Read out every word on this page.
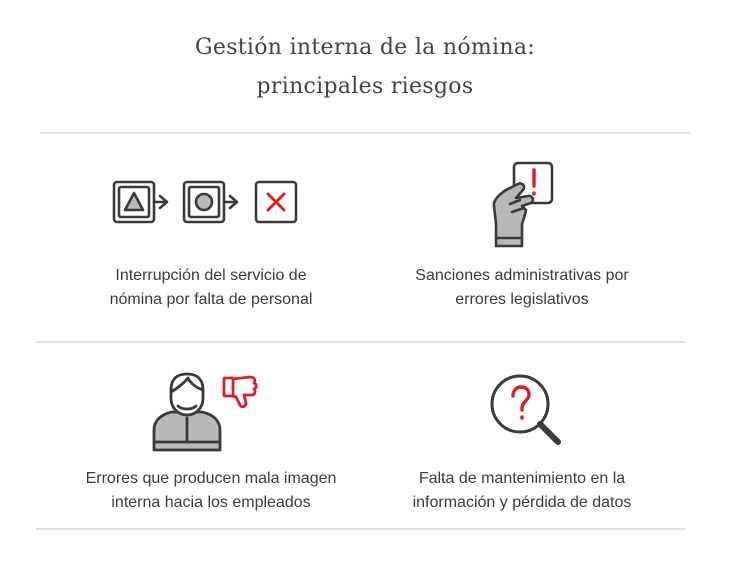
Gestión interna de la nómina:
principales riesgos
Interrupción del servicio de
nómina por falta de personal
Sanciones administrativas por
errores legislativos
Errores que producen mala imagen
interna hacia los empleados
Falta de mantenimiento en la
información y pérdida de datos
